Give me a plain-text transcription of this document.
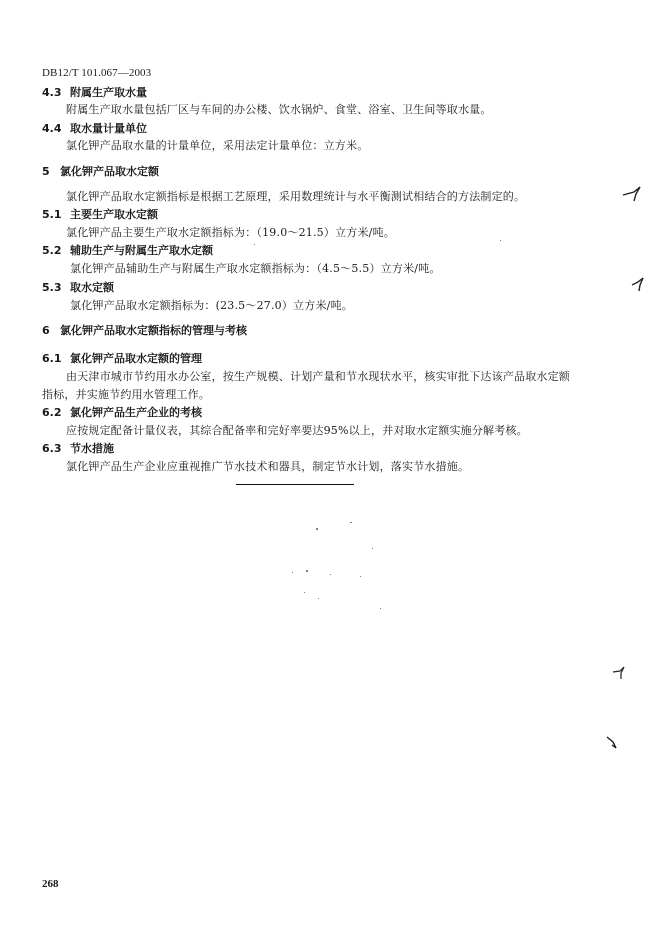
DB12/T 101.067—2003
4.3 附属生产取水量
附属生产取水量包括厂区与车间的办公楼、饮水锅炉、食堂、浴室、卫生间等取水量。
4.4 取水量计量单位
氯化钾产品取水量的计量单位，采用法定计量单位：立方米。
5 氯化钾产品取水定额
氯化钾产品取水定额指标是根据工艺原理，采用数理统计与水平衡测试相结合的方法制定的。
5.1 主要生产取水定额
氯化钾产品主要生产取水定额指标为：（19.0～21.5）立方米/吨。
5.2 辅助生产与附属生产取水定额
氯化钾产品辅助生产与附属生产取水定额指标为：（4.5～5.5）立方米/吨。
5.3 取水定额
氯化钾产品取水定额指标为：(23.5～27.0）立方米/吨。
6 氯化钾产品取水定额指标的管理与考核
6.1 氯化钾产品取水定额的管理
由天津市城市节约用水办公室，按生产规模、计划产量和节水现状水平，核实审批下达该产品取水定额
指标，并实施节约用水管理工作。
6.2 氯化钾产品生产企业的考核
应按规定配备计量仪表，其综合配备率和完好率要达95%以上，并对取水定额实施分解考核。
6.3 节水措施
氯化钾产品生产企业应重视推广节水技术和器具，制定节水计划，落实节水措施。
268
